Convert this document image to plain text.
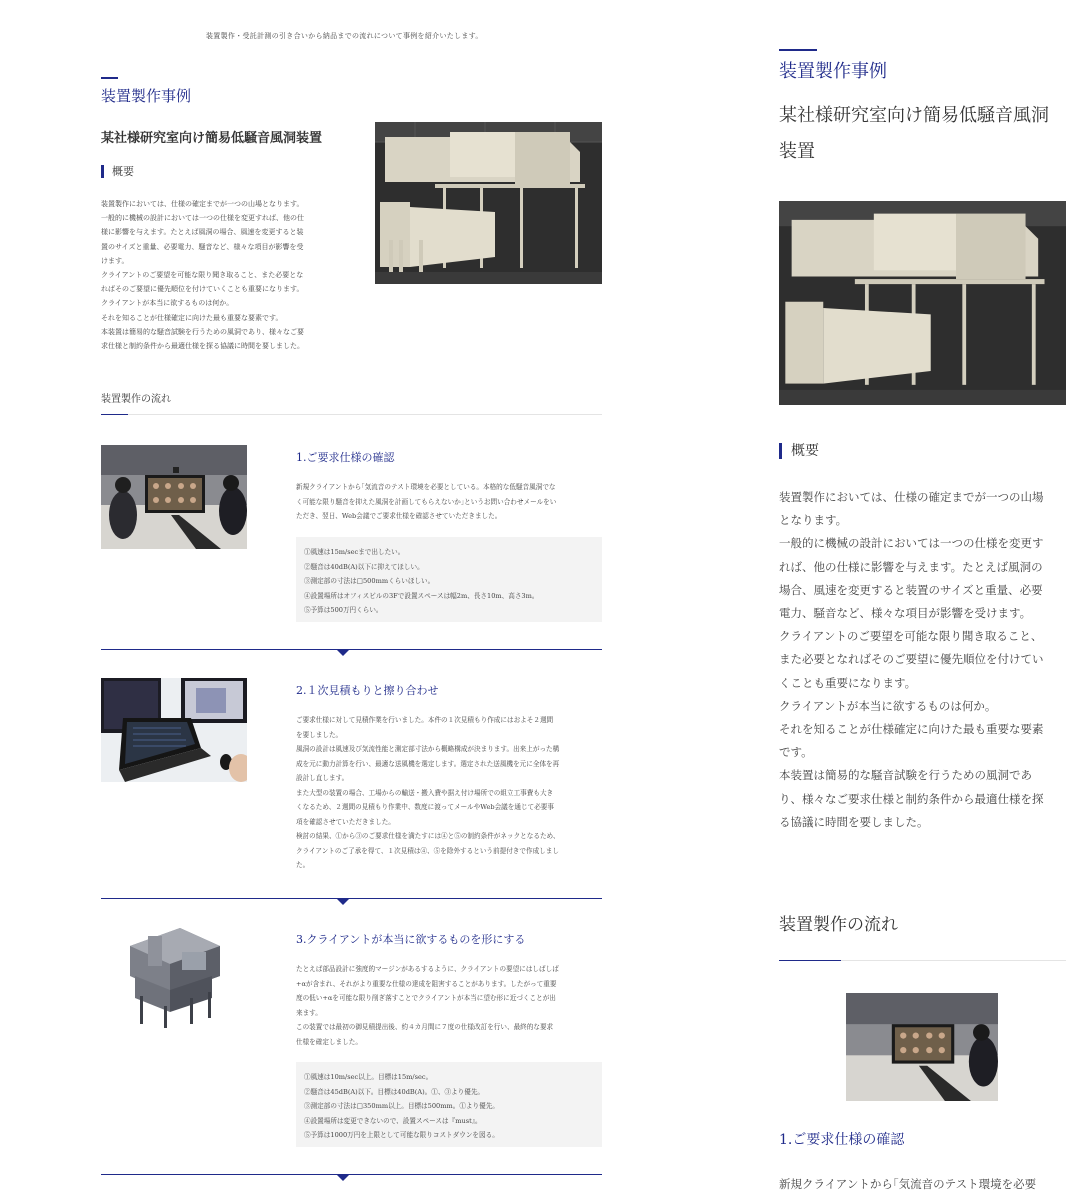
装置製作・受託計測の引き合いから納品までの流れについて事例を紹介いたします。
装置製作事例
某社様研究室向け簡易低騒音風洞装置
概要
装置製作においては、仕様の確定までが一つの山場となります。
一般的に機械の設計においては一つの仕様を変更すれば、他の仕
様に影響を与えます。たとえば風洞の場合、風速を変更すると装
置のサイズと重量、必要電力、騒音など、様々な項目が影響を受
けます。
クライアントのご要望を可能な限り聞き取ること、また必要とな
ればそのご要望に優先順位を付けていくことも重要になります。
クライアントが本当に欲するものは何か。
それを知ることが仕様確定に向けた最も重要な要素です。
本装置は簡易的な騒音試験を行うための風洞であり、様々なご要
求仕様と制約条件から最適仕様を探る協議に時間を要しました。
装置製作の流れ
1.ご要求仕様の確認
新規クライアントから｢気流音のテスト環境を必要としている。本格的な低騒音風洞でな
く可能な限り騒音を抑えた風洞を計画してもらえないか｣というお問い合わせメールをい
ただき、翌日、Web会議でご要求仕様を確認させていただきました。
①風速は15m/secまで出したい。
②騒音は40dB(A)以下に抑えてほしい。
③測定部の寸法は□500mmくらいほしい。
④設置場所はオフィスビルの3Fで設置スペースは幅2m、長さ10m、高さ3m。
⑤予算は500万円くらい。
2.１次見積もりと擦り合わせ
ご要求仕様に対して見積作業を行いました。本件の１次見積もり作成にはおよそ２週間
を要しました。
風洞の設計は風速及び気流性能と測定部寸法から概略構成が決まります。出来上がった構
成を元に動力計算を行い、最適な送風機を選定します。選定された送風機を元に全体を再
設計し直します。
また大型の装置の場合、工場からの輸送・搬入費や据え付け場所での組立工事費も大き
くなるため、２週間の見積もり作業中、数度に渡ってメールやWeb会議を通じて必要事
項を確認させていただきました。
検討の結果、①から③のご要求仕様を満たすには④と⑤の制約条件がネックとなるため、
クライアントのご了承を得て、１次見積は④、⑤を除外するという前提付きで作成しまし
た。
3.クライアントが本当に欲するものを形にする
たとえば部品設計に強度的マージンがあるするように、クライアントの要望にはしばしば
+αが含まれ、それがより重要な仕様の達成を阻害することがあります。したがって重要
度の低い+αを可能な限り削ぎ落すことでクライアントが本当に望む形に近づくことが出
来ます。
この装置では最初の御見積提出後、約４カ月間に７度の仕様改訂を行い、最終的な要求
仕様を確定しました。
①風速は10m/sec以上。目標は15m/sec。
②騒音は45dB(A)以下。目標は40dB(A)。①、③より優先。
③測定部の寸法は□350mm以上。目標は500mm。①より優先。
④設置場所は変更できないので、設置スペースは『must』。
⑤予算は1000万円を上限として可能な限りコストダウンを図る。
装置製作事例
某社様研究室向け簡易低騒音風洞
装置
概要
装置製作においては、仕様の確定までが一つの山場
となります。
一般的に機械の設計においては一つの仕様を変更す
れば、他の仕様に影響を与えます。たとえば風洞の
場合、風速を変更すると装置のサイズと重量、必要
電力、騒音など、様々な項目が影響を受けます。
クライアントのご要望を可能な限り聞き取ること、
また必要となればそのご要望に優先順位を付けてい
くことも重要になります。
クライアントが本当に欲するものは何か。
それを知ることが仕様確定に向けた最も重要な要素
です。
本装置は簡易的な騒音試験を行うための風洞であ
り、様々なご要求仕様と制約条件から最適仕様を探
る協議に時間を要しました。
装置製作の流れ
1.ご要求仕様の確認
新規クライアントから｢気流音のテスト環境を必要
